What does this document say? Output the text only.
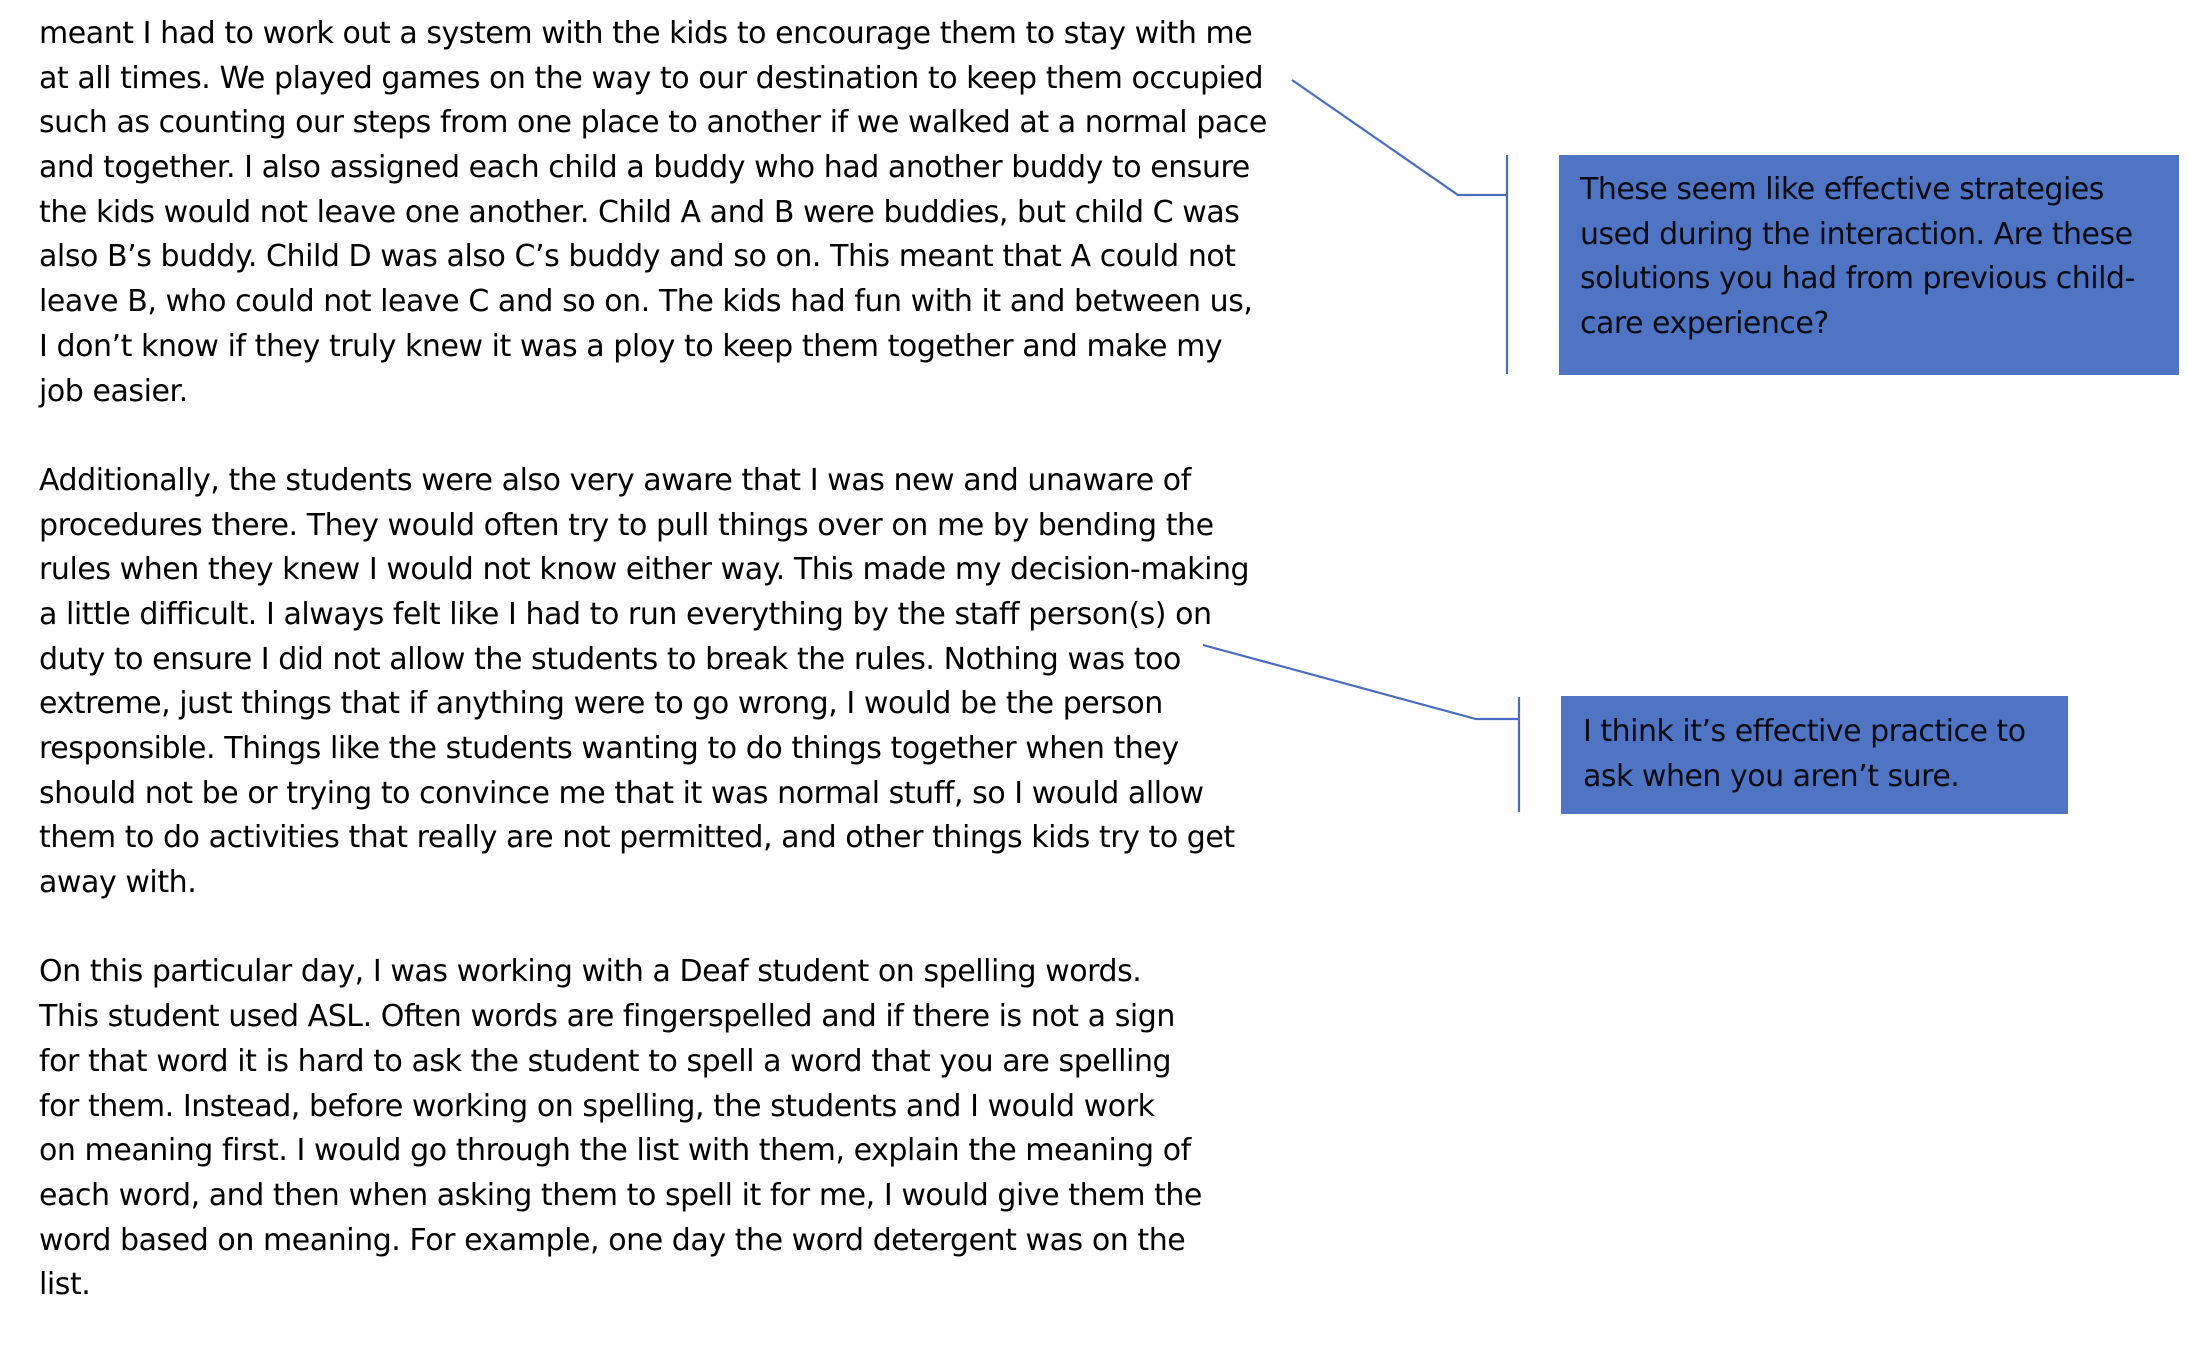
meant I had to work out a system with the kids to encourage them to stay with me
at all times. We played games on the way to our destination to keep them occupied
such as counting our steps from one place to another if we walked at a normal pace
and together. I also assigned each child a buddy who had another buddy to ensure
the kids would not leave one another. Child A and B were buddies, but child C was
also B’s buddy. Child D was also C’s buddy and so on. This meant that A could not
leave B, who could not leave C and so on. The kids had fun with it and between us,
I don’t know if they truly knew it was a ploy to keep them together and make my
job easier.

Additionally, the students were also very aware that I was new and unaware of
procedures there. They would often try to pull things over on me by bending the
rules when they knew I would not know either way. This made my decision-making
a little difficult. I always felt like I had to run everything by the staff person(s) on
duty to ensure I did not allow the students to break the rules. Nothing was too
extreme, just things that if anything were to go wrong, I would be the person
responsible. Things like the students wanting to do things together when they
should not be or trying to convince me that it was normal stuff, so I would allow
them to do activities that really are not permitted, and other things kids try to get
away with.

On this particular day, I was working with a Deaf student on spelling words.
This student used ASL. Often words are fingerspelled and if there is not a sign
for that word it is hard to ask the student to spell a word that you are spelling
for them. Instead, before working on spelling, the students and I would work
on meaning first. I would go through the list with them, explain the meaning of
each word, and then when asking them to spell it for me, I would give them the
word based on meaning. For example, one day the word detergent was on the
list.

These seem like effective strategies
used during the interaction. Are these
solutions you had from previous child-
care experience?
I think it’s effective practice to
ask when you aren’t sure.
